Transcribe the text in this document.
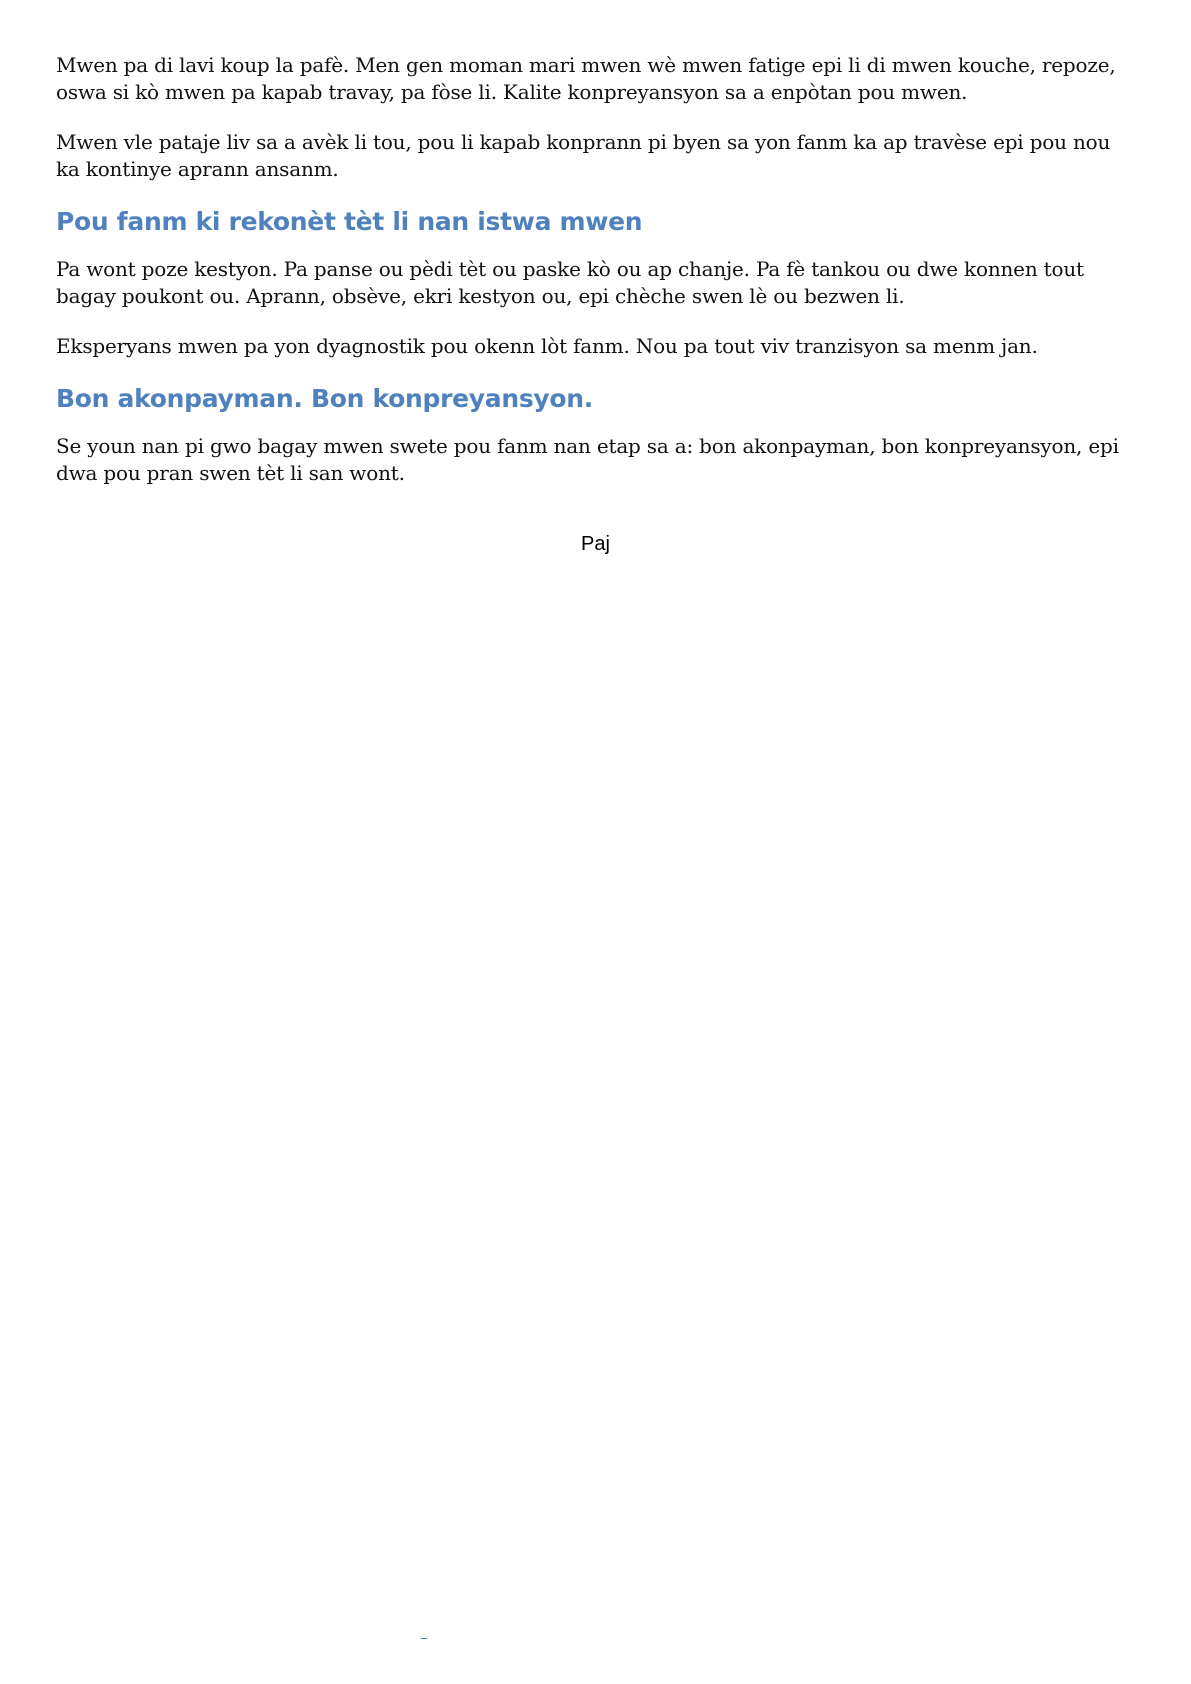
Mwen pa di lavi koup la pafè. Men gen moman mari mwen wè mwen fatige epi li di mwen kouche, repoze, oswa si kò mwen pa kapab travay, pa fòse li. Kalite konpreyansyon sa a enpòtan pou mwen.

Mwen vle pataje liv sa a avèk li tou, pou li kapab konprann pi byen sa yon fanm ka ap travèse epi pou nou ka kontinye aprann ansanm.

Pou fanm ki rekonèt tèt li nan istwa mwen

Pa wont poze kestyon. Pa panse ou pèdi tèt ou paske kò ou ap chanje. Pa fè tankou ou dwe konnen tout bagay poukont ou. Aprann, obsève, ekri kestyon ou, epi chèche swen lè ou bezwen li.

Eksperyans mwen pa yon dyagnostik pou okenn lòt fanm. Nou pa tout viv tranzisyon sa menm jan.

Bon akonpayman. Bon konpreyansyon.

Se youn nan pi gwo bagay mwen swete pou fanm nan etap sa a: bon akonpayman, bon konpreyansyon, epi dwa pou pran swen tèt li san wont.

Paj
